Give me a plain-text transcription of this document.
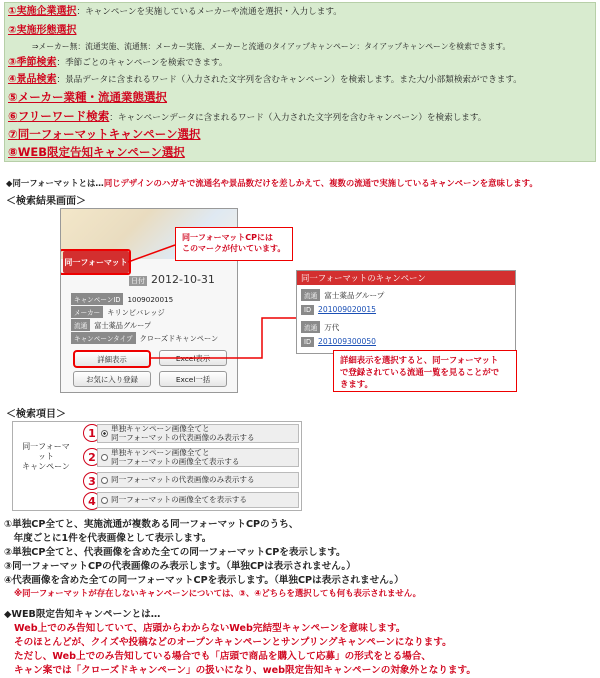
①実施企業選択：キャンペーンを実施しているメーカーや流通を選択・入力します。
②実施形態選択
⇒メーカー無：流通実施、流通無：メーカー実施、メーカーと流通のタイアップキャンペーン：タイアップキャンペーンを検索できます。
③季節検索：季節ごとのキャンペーンを検索できます。
④景品検索：景品データに含まれるワード（入力された文字列を含むキャンペーン）を検索します。また大/小部類検索ができます。
⑤メーカー業種・流通業態選択
⑥フリーワード検索：キャンペーンデータに含まれるワード（入力された文字列を含むキャンペーン）を検索します。
⑦同一フォーマットキャンペーン選択
⑧WEB限定告知キャンペーン選択
◆同一フォーマットとは…同じデザインのハガキで流通名や景品数だけを差しかえて、複数の流通で実施しているキャンペーンを意味します。
＜検索結果画面＞
同一フォーマット
日付 2012-10-31
キャンペーンID 1009020015
メーカー キリンビバレッジ
流通 富士薬品グループ
キャンペーンタイプ クローズドキャンペーン
詳細表示	Excel表示
お気に入り登録	Excel一括
同一フォーマットCPには
このマークが付いています。
同一フォーマットのキャンペーン
流通 富士薬品グループ
ID 201009020015
流通 万代
ID 201009300050
詳細表示を選択すると、同一フォーマット
で登録されている流通一覧を見ることがで
きます。
＜検索項目＞
同一フォーマ
ット
キャンペーン
1	単独キャンペーン画像全てと
同一フォーマットの代表画像のみ表示する
2	単独キャンペーン画像全てと
同一フォーマットの画像全て表示する
3	同一フォーマットの代表画像のみ表示する
4	同一フォーマットの画像全てを表示する
①単独CP全てと、実施流通が複数ある同一フォーマットCPのうち、
　年度ごとに1件を代表画像として表示します。
②単独CP全てと、代表画像を含めた全ての同一フォーマットCPを表示します。
③同一フォーマットCPの代表画像のみ表示します。（単独CPは表示されません。）
④代表画像を含めた全ての同一フォーマットCPを表示します。（単独CPは表示されません。）
※同一フォーマットが存在しないキャンペーンについては、③、④どちらを選択しても何も表示されません。
◆WEB限定告知キャンペーンとは…
Web上でのみ告知していて、店頭からわからないWeb完結型キャンペーンを意味します。
そのほとんどが、クイズや投稿などのオープンキャンペーンとサンプリングキャンペーンになります。
ただし、Web上でのみ告知している場合でも「店頭で商品を購入して応募」の形式をとる場合、
キャン案では「クローズドキャンペーン」の扱いになり、web限定告知キャンペーンの対象外となります。
